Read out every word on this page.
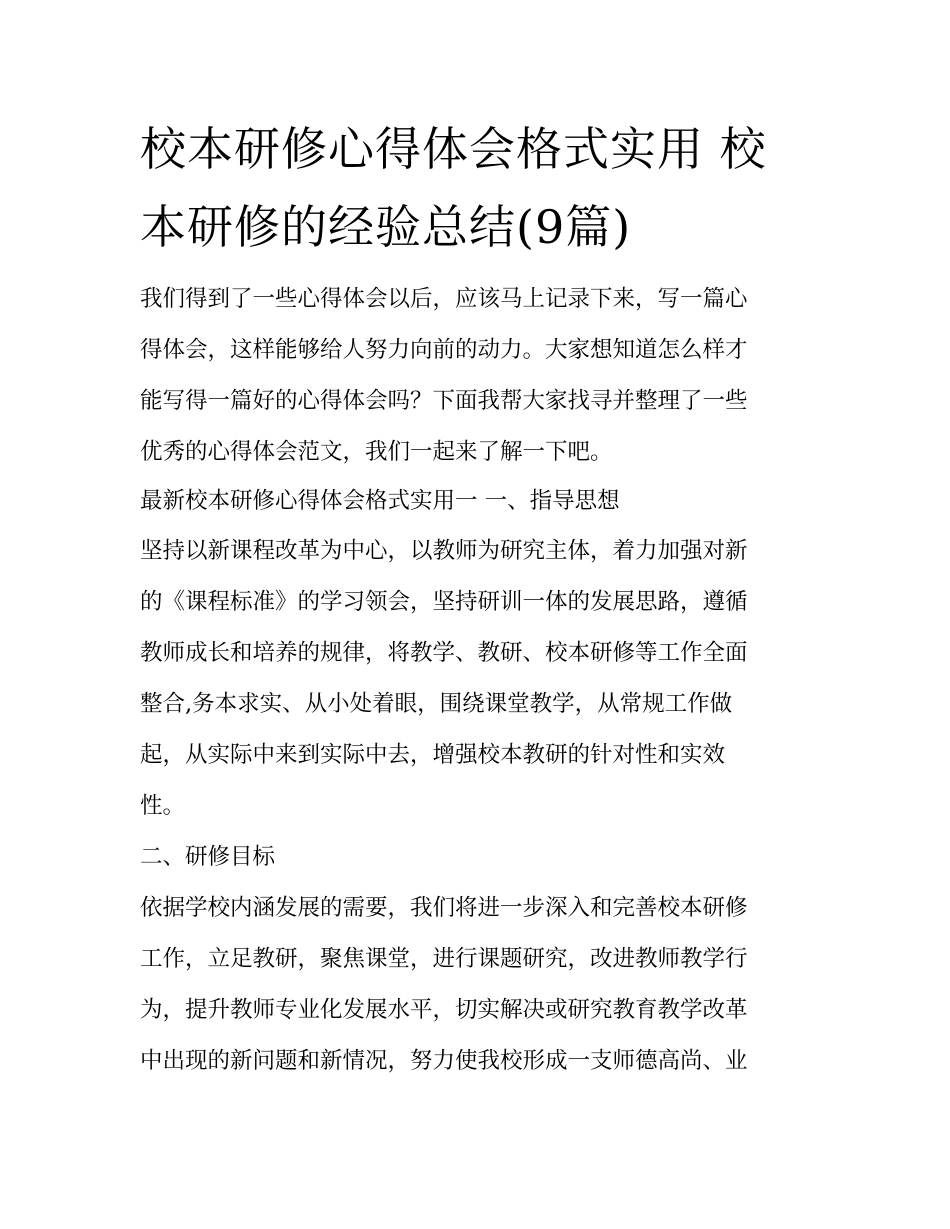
校本研修心得体会格式实用 校
本研修的经验总结(9篇)
我们得到了一些心得体会以后，应该马上记录下来，写一篇心
得体会，这样能够给人努力向前的动力。大家想知道怎么样才
能写得一篇好的心得体会吗？下面我帮大家找寻并整理了一些
优秀的心得体会范文，我们一起来了解一下吧。
最新校本研修心得体会格式实用一 一、指导思想
坚持以新课程改革为中心，以教师为研究主体，着力加强对新
的《课程标准》的学习领会，坚持研训一体的发展思路，遵循
教师成长和培养的规律，将教学、教研、校本研修等工作全面
整合,务本求实、从小处着眼，围绕课堂教学，从常规工作做
起，从实际中来到实际中去，增强校本教研的针对性和实效
性。
二、研修目标
依据学校内涵发展的需要，我们将进一步深入和完善校本研修
工作，立足教研，聚焦课堂，进行课题研究，改进教师教学行
为，提升教师专业化发展水平，切实解决或研究教育教学改革
中出现的新问题和新情况，努力使我校形成一支师德高尚、业
